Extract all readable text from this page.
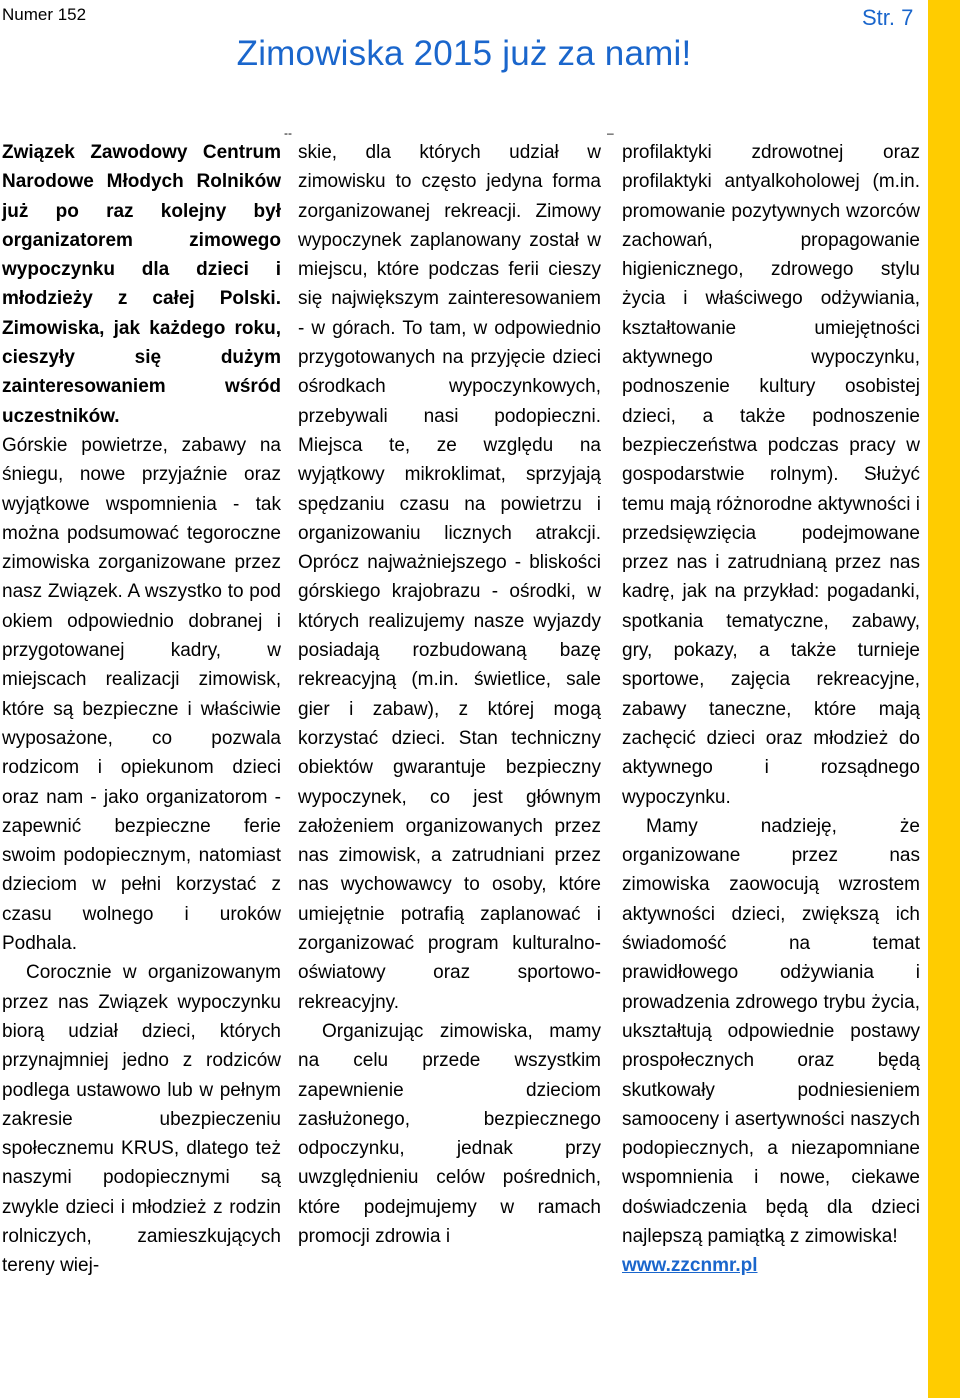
Numer 152	Str. 7
Zimowiska 2015 już za nami!
--	–

Związek Zawodowy Centrum Narodowe Młodych Rolników już po raz kolejny był organizatorem zimowego wypoczynku dla dzieci i młodzieży z całej Polski. Zimowiska, jak każdego roku, cieszyły się dużym zainteresowaniem wśród uczestników.

Górskie powietrze, zabawy na śniegu, nowe przyjaźnie oraz wyjątkowe wspomnienia - tak można podsumować tegoroczne zimowiska zorganizowane przez nasz Związek. A wszystko to pod okiem odpowiednio dobranej i przygotowanej kadry, w miejscach realizacji zimowisk, które są bezpieczne i właściwie wyposażone, co pozwala rodzicom i opiekunom dzieci oraz nam - jako organizatorom - zapewnić bezpieczne ferie swoim podopiecznym, natomiast dzieciom w pełni korzystać z czasu wolnego i uroków Podhala.

Corocznie w organizowanym przez nas Związek wypoczynku biorą udział dzieci, których przynajmniej jedno z rodziców podlega ustawowo lub w pełnym zakresie ubezpieczeniu społecznemu KRUS, dlatego też naszymi podopiecznymi są zwykle dzieci i młodzież z rodzin rolniczych, zamieszkujących tereny wiej-

skie, dla których udział w zimowisku to często jedyna forma zorganizowanej rekreacji. Zimowy wypoczynek zaplanowany został w miejscu, które podczas ferii cieszy się największym zainteresowaniem - w górach. To tam, w odpowiednio przygotowanych na przyjęcie dzieci ośrodkach wypoczynkowych, przebywali nasi podopieczni. Miejsca te, ze względu na wyjątkowy mikroklimat, sprzyjają spędzaniu czasu na powietrzu i organizowaniu licznych atrakcji. Oprócz najważniejszego - bliskości górskiego krajobrazu - ośrodki, w których realizujemy nasze wyjazdy posiadają rozbudowaną bazę rekreacyjną (m.in. świetlice, sale gier i zabaw), z której mogą korzystać dzieci. Stan techniczny obiektów gwarantuje bezpieczny wypoczynek, co jest głównym założeniem organizowanych przez nas zimowisk, a zatrudniani przez nas wychowawcy to osoby, które umiejętnie potrafią zaplanować i zorganizować program kulturalno-oświatowy oraz sportowo-rekreacyjny.

Organizując zimowiska, mamy na celu przede wszystkim zapewnienie dzieciom zasłużonego, bezpiecznego odpoczynku, jednak przy uwzględnieniu celów pośrednich, które podejmujemy w ramach promocji zdrowia i

profilaktyki zdrowotnej oraz profilaktyki antyalkoholowej (m.in. promowanie pozytywnych wzorców zachowań, propagowanie higienicznego, zdrowego stylu życia i właściwego odżywiania, kształtowanie umiejętności aktywnego wypoczynku, podnoszenie kultury osobistej dzieci, a także podnoszenie bezpieczeństwa podczas pracy w gospodarstwie rolnym). Służyć temu mają różnorodne aktywności i przedsięwzięcia podejmowane przez nas i zatrudnianą przez nas kadrę, jak na przykład: pogadanki, spotkania tematyczne, zabawy, gry, pokazy, a także turnieje sportowe, zajęcia rekreacyjne, zabawy taneczne, które mają zachęcić dzieci oraz młodzież do aktywnego i rozsądnego wypoczynku.

Mamy nadzieję, że organizowane przez nas zimowiska zaowocują wzrostem aktywności dzieci, zwiększą ich świadomość na temat prawidłowego odżywiania i prowadzenia zdrowego trybu życia, ukształtują odpowiednie postawy prospołecznych oraz będą skutkowały podniesieniem samooceny i asertywności naszych podopiecznych, a niezapomniane wspomnienia i nowe, ciekawe doświadczenia będą dla dzieci najlepszą pamiątką z zimowiska!

www.zzcnmr.pl
